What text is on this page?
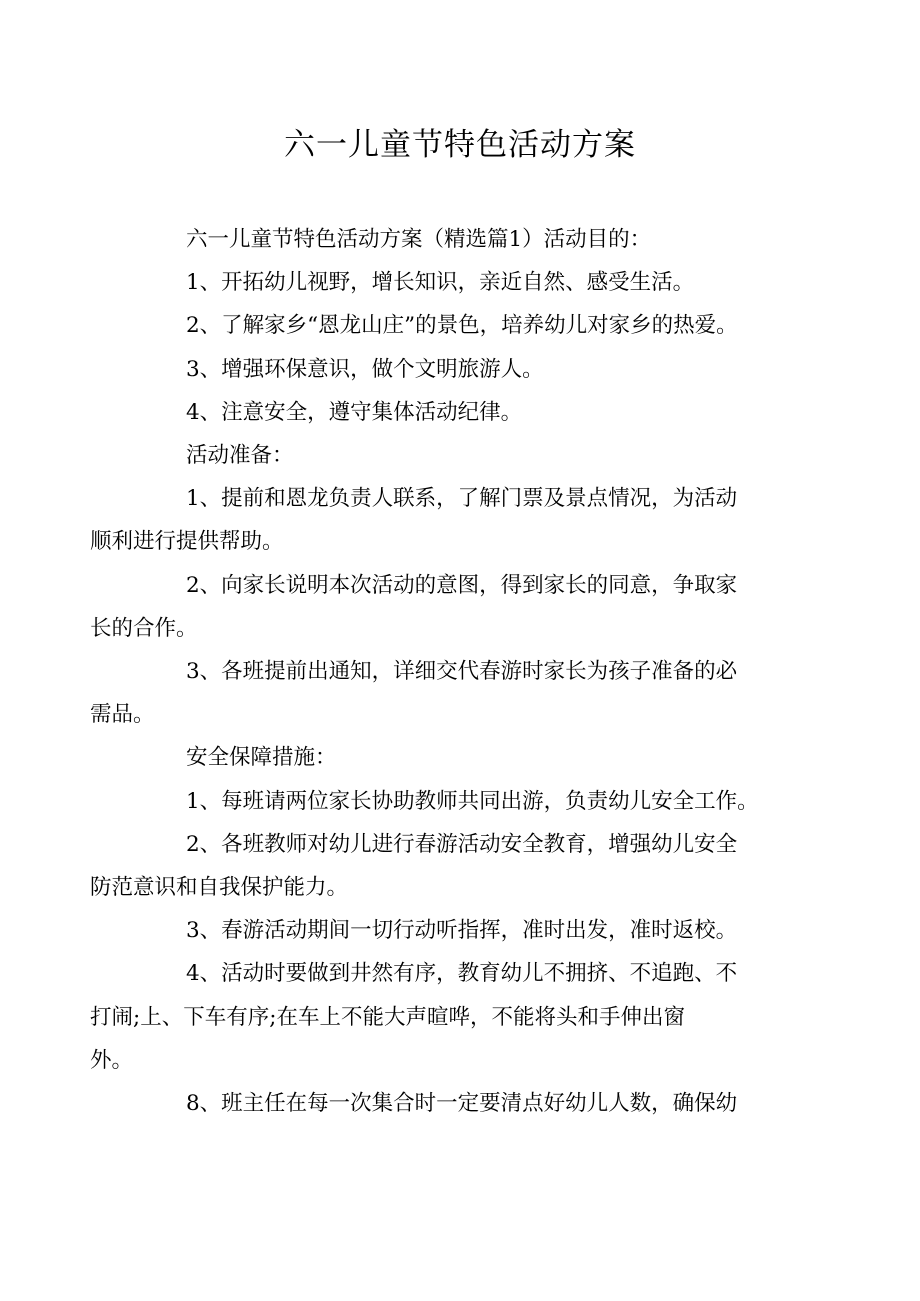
六一儿童节特色活动方案

六一儿童节特色活动方案（精选篇1）活动目的：

1、开拓幼儿视野，增长知识，亲近自然、感受生活。

2、了解家乡“恩龙山庄”的景色，培养幼儿对家乡的热爱。

3、增强环保意识，做个文明旅游人。

4、注意安全，遵守集体活动纪律。

活动准备：

1、提前和恩龙负责人联系，了解门票及景点情况，为活动
顺利进行提供帮助。

2、向家长说明本次活动的意图，得到家长的同意，争取家
长的合作。

3、各班提前出通知，详细交代春游时家长为孩子准备的必
需品。

安全保障措施：

1、每班请两位家长协助教师共同出游，负责幼儿安全工作。

2、各班教师对幼儿进行春游活动安全教育，增强幼儿安全
防范意识和自我保护能力。

3、春游活动期间一切行动听指挥，准时出发，准时返校。

4、活动时要做到井然有序，教育幼儿不拥挤、不追跑、不
打闹;上、下车有序;在车上不能大声暄哗，不能将头和手伸出窗
外。

8、班主任在每一次集合时一定要清点好幼儿人数，确保幼
